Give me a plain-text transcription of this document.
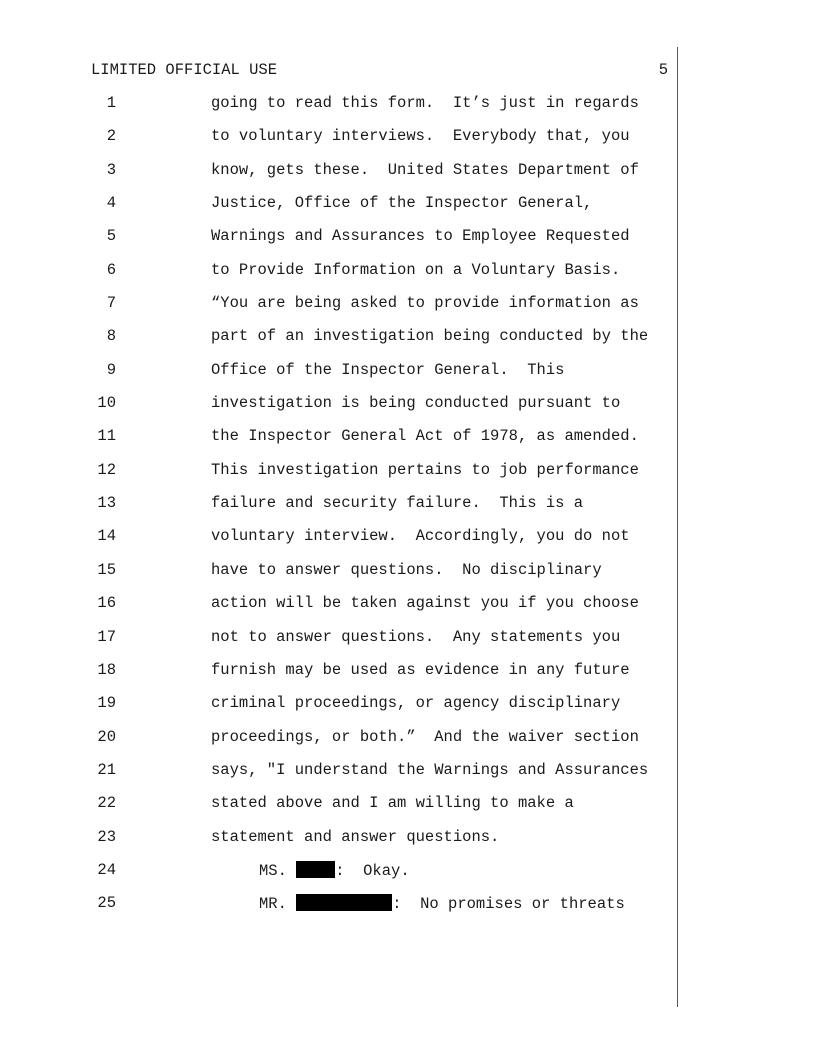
LIMITED OFFICIAL USE	5
1	going to read this form.  It’s just in regards
2	to voluntary interviews.  Everybody that, you
3	know, gets these.  United States Department of
4	Justice, Office of the Inspector General,
5	Warnings and Assurances to Employee Requested
6	to Provide Information on a Voluntary Basis.
7	“You are being asked to provide information as
8	part of an investigation being conducted by the
9	Office of the Inspector General.  This
10	investigation is being conducted pursuant to
11	the Inspector General Act of 1978, as amended.
12	This investigation pertains to job performance
13	failure and security failure.  This is a
14	voluntary interview.  Accordingly, you do not
15	have to answer questions.  No disciplinary
16	action will be taken against you if you choose
17	not to answer questions.  Any statements you
18	furnish may be used as evidence in any future
19	criminal proceedings, or agency disciplinary
20	proceedings, or both.”  And the waiver section
21	says, "I understand the Warnings and Assurances
22	stated above and I am willing to make a
23	statement and answer questions.
24	MS.	:  Okay.
25	MR.	:  No promises or threats
